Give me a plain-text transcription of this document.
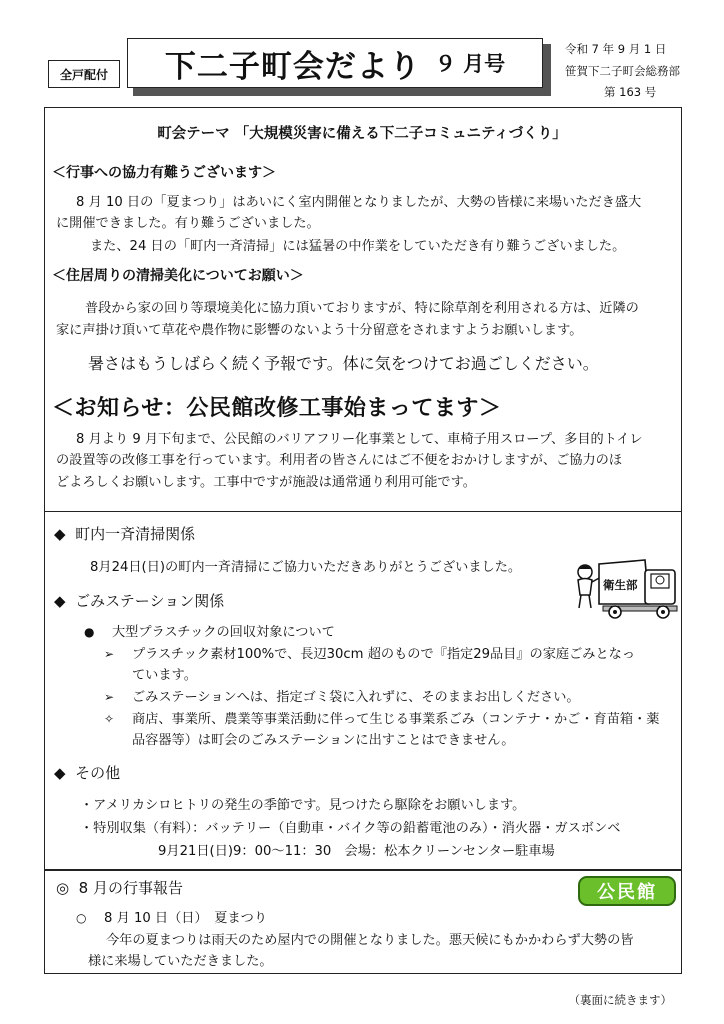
全戸配付	下二子町会だより ９ 月号
令和 7 年 9 月 1 日
笹賀下二子町会総務部
第 163 号
町会テーマ 「大規模災害に備える下二子コミュニティづくり」
＜行事への協力有難うございます＞
8 月 10 日の「夏まつり」はあいにく室内開催となりましたが、大勢の皆様に来場いただき盛大
に開催できました。有り難うございました。
また、24 日の「町内一斉清掃」には猛暑の中作業をしていただき有り難うございました。
＜住居周りの清掃美化についてお願い＞
普段から家の回り等環境美化に協力頂いておりますが、特に除草剤を利用される方は、近隣の
家に声掛け頂いて草花や農作物に影響のないよう十分留意をされますようお願いします。
暑さはもうしばらく続く予報です。体に気をつけてお過ごしください。
＜お知らせ：公民館改修工事始まってます＞
8 月より 9 月下旬まで、公民館のバリアフリー化事業として、車椅子用スロープ、多目的トイレ
の設置等の改修工事を行っています。利用者の皆さんにはご不便をおかけしますが、ご協力のほ
どよろしくお願いします。工事中ですが施設は通常通り利用可能です。
◆ 町内一斉清掃関係
8月24日(日)の町内一斉清掃にご協力いただきありがとうございました。
◆ ごみステーション関係
● 大型プラスチックの回収対象について
➢ プラスチック素材100%で、長辺30cm 超のもので『指定29品目』の家庭ごみとなっ
ています。
➢ ごみステーションへは、指定ゴミ袋に入れずに、そのままお出しください。
✧ 商店、事業所、農業等事業活動に伴って生じる事業系ごみ（コンテナ・かご・育苗箱・薬
品容器等）は町会のごみステーションに出すことはできません。
◆ その他
・アメリカシロヒトリの発生の季節です。見つけたら駆除をお願いします。
・特別収集（有料）：バッテリー（自動車・バイク等の鉛蓄電池のみ）・消火器・ガスボンベ
9月21日(日)9：00～11：30　会場：松本クリーンセンター駐車場
衛生部
◎ 8 月の行事報告	公民館
○ 8 月 10 日（日）　夏まつり
今年の夏まつりは雨天のため屋内での開催となりました。悪天候にもかかわらず大勢の皆
様に来場していただきました。
（裏面に続きます）
